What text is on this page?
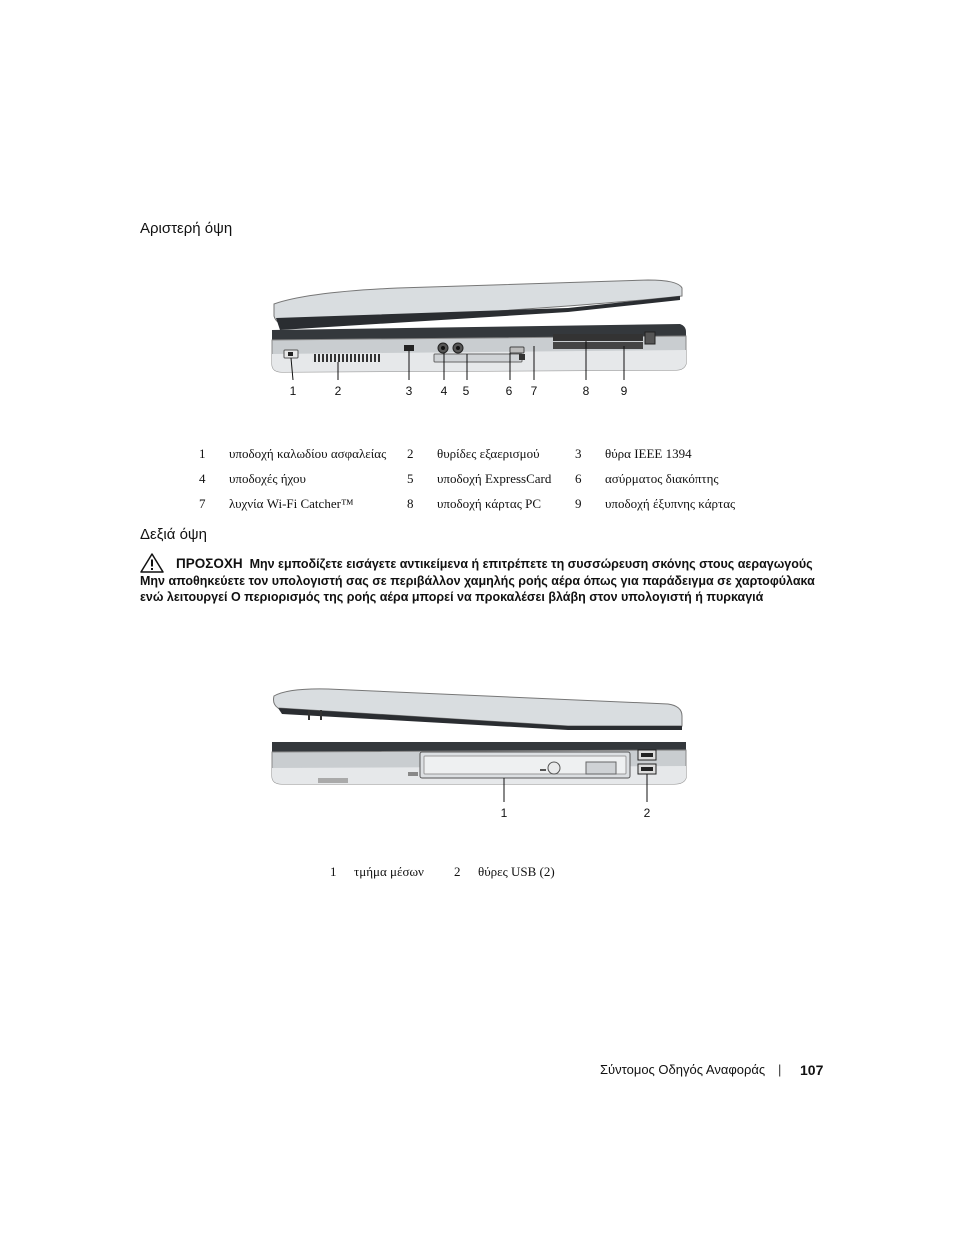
Αριστερή όψη
1	2	3 4 5	6 7	8	9
1	υποδοχή καλωδίου ασφαλείας	2	θυρίδες εξαερισμού	3	θύρα IEEE 1394
4	υποδοχές ήχου	5	υποδοχή ExpressCard	6	ασύρματος διακόπτης
7	λυχνία Wi-Fi Catcher™	8	υποδοχή κάρτας PC	9	υποδοχή έξυπνης κάρτας
Δεξιά όψη
ΠΡΟΣΟΧΗ Μην εμποδίζετε εισάγετε αντικείμενα ή επιτρέπετε τη συσσώρευση σκόνης στους αεραγωγούς Μην αποθηκεύετε τον υπολογιστή σας σε περιβάλλον χαμηλής ροής αέρα όπως για παράδειγμα σε χαρτοφύλακα ενώ λειτουργεί Ο περιορισμός της ροής αέρα μπορεί να προκαλέσει βλάβη στον υπολογιστή ή πυρκαγιά
1	2
1	τμήμα μέσων	2	θύρες USB (2)
Σύντομος Οδηγός Αναφοράς | 107
